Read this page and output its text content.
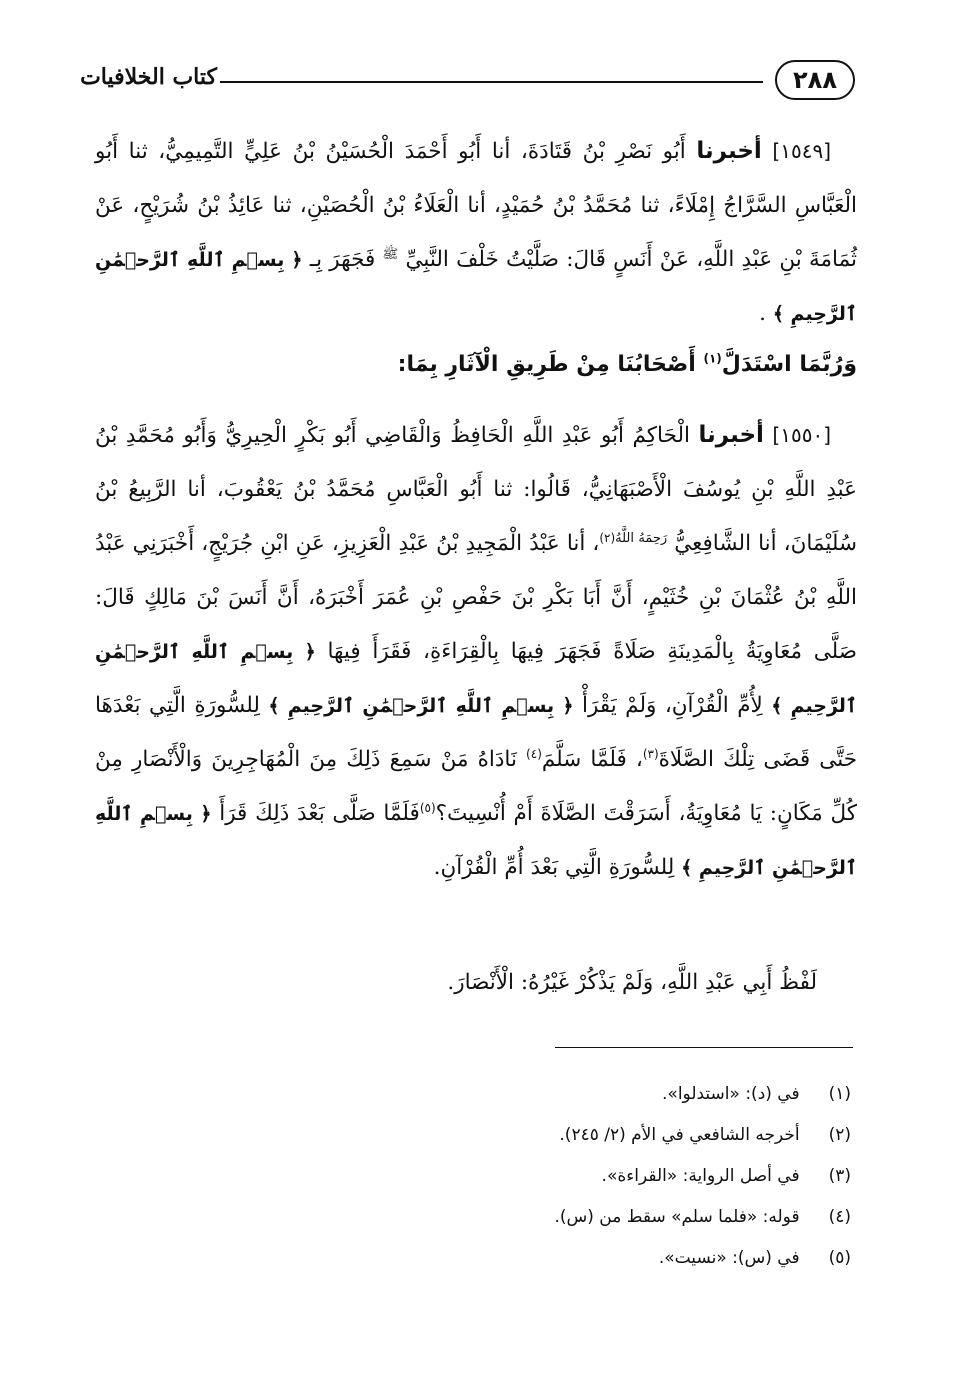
٢٨٨
كتاب الخلافيات
[١٥٤٩] أخبرنا أَبُو نَصْرِ بْنُ قَتَادَةَ، أنا أَبُو أَحْمَدَ الْحُسَيْنُ بْنُ عَلِيٍّ التَّمِيمِيُّ، ثنا أَبُو الْعَبَّاسِ السَّرَّاجُ إِمْلَاءً، ثنا مُحَمَّدُ بْنُ حُمَيْدٍ، أنا الْعَلَاءُ بْنُ الْحُصَيْنِ، ثنا عَائِذُ بْنُ شُرَيْحٍ، عَنْ ثُمَامَةَ بْنِ عَبْدِ اللَّهِ، عَنْ أَنَسٍ قَالَ: صَلَّيْتُ خَلْفَ النَّبِيِّ $^ﷺ$ فَجَهَرَ بِـ ﴿ بِسۡمِ ٱللَّهِ ٱلرَّحۡمَٰنِ ٱلرَّحِيمِ ﴾ .
وَرُبَّمَا اسْتَدَلَّ$^{(١)}$ أَصْحَابُنَا مِنْ طَرِيقِ الْآثَارِ بِمَا:
[١٥٥٠] أخبرنا الْحَاكِمُ أَبُو عَبْدِ اللَّهِ الْحَافِظُ وَالْقَاضِي أَبُو بَكْرٍ الْحِيرِيُّ وَأَبُو مُحَمَّدِ بْنُ عَبْدِ اللَّهِ بْنِ يُوسُفَ الْأَصْبَهَانِيُّ، قَالُوا: ثنا أَبُو الْعَبَّاسِ مُحَمَّدُ بْنُ يَعْقُوبَ، أنا الرَّبِيعُ بْنُ سُلَيْمَانَ، أنا الشَّافِعِيُّ $^{رَحِمَهُ اللَّهُ(٢)}$، أنا عَبْدُ الْمَجِيدِ بْنُ عَبْدِ الْعَزِيزِ، عَنِ ابْنِ جُرَيْجٍ، أَخْبَرَنِي عَبْدُ اللَّهِ بْنُ عُثْمَانَ بْنِ خُثَيْمٍ، أَنَّ أَبَا بَكْرِ بْنَ حَفْصِ بْنِ عُمَرَ أَخْبَرَهُ، أَنَّ أَنَسَ بْنَ مَالِكٍ قَالَ: صَلَّى مُعَاوِيَةُ بِالْمَدِينَةِ صَلَاةً فَجَهَرَ فِيهَا بِالْقِرَاءَةِ، فَقَرَأَ فِيهَا ﴿ بِسۡمِ ٱللَّهِ ٱلرَّحۡمَٰنِ ٱلرَّحِيمِ ﴾ لِأُمِّ الْقُرْآنِ، وَلَمْ يَقْرَأْ ﴿ بِسۡمِ ٱللَّهِ ٱلرَّحۡمَٰنِ ٱلرَّحِيمِ ﴾ لِلسُّورَةِ الَّتِي بَعْدَهَا حَتَّى قَضَى تِلْكَ الصَّلَاةَ$^{(٣)}$، فَلَمَّا سَلَّمَ$^{(٤)}$ نَادَاهُ مَنْ سَمِعَ ذَلِكَ مِنَ الْمُهَاجِرِينَ وَالْأَنْصَارِ مِنْ كُلِّ مَكَانٍ: يَا مُعَاوِيَةُ، أَسَرَقْتَ الصَّلَاةَ أَمْ أُنْسِيتَ؟$^{(٥)}$فَلَمَّا صَلَّى بَعْدَ ذَلِكَ قَرَأَ ﴿ بِسۡمِ ٱللَّهِ ٱلرَّحۡمَٰنِ ٱلرَّحِيمِ ﴾ لِلسُّورَةِ الَّتِي بَعْدَ أُمِّ الْقُرْآنِ.
لَفْظُ أَبِي عَبْدِ اللَّهِ، وَلَمْ يَذْكُرْ غَيْرُهُ: الْأَنْصَارَ.
(١) في (د): «استدلوا».
(٢) أخرجه الشافعي في الأم (٢/ ٢٤٥).
(٣) في أصل الرواية: «القراءة».
(٤) قوله: «فلما سلم» سقط من (س).
(٥) في (س): «نسيت».
